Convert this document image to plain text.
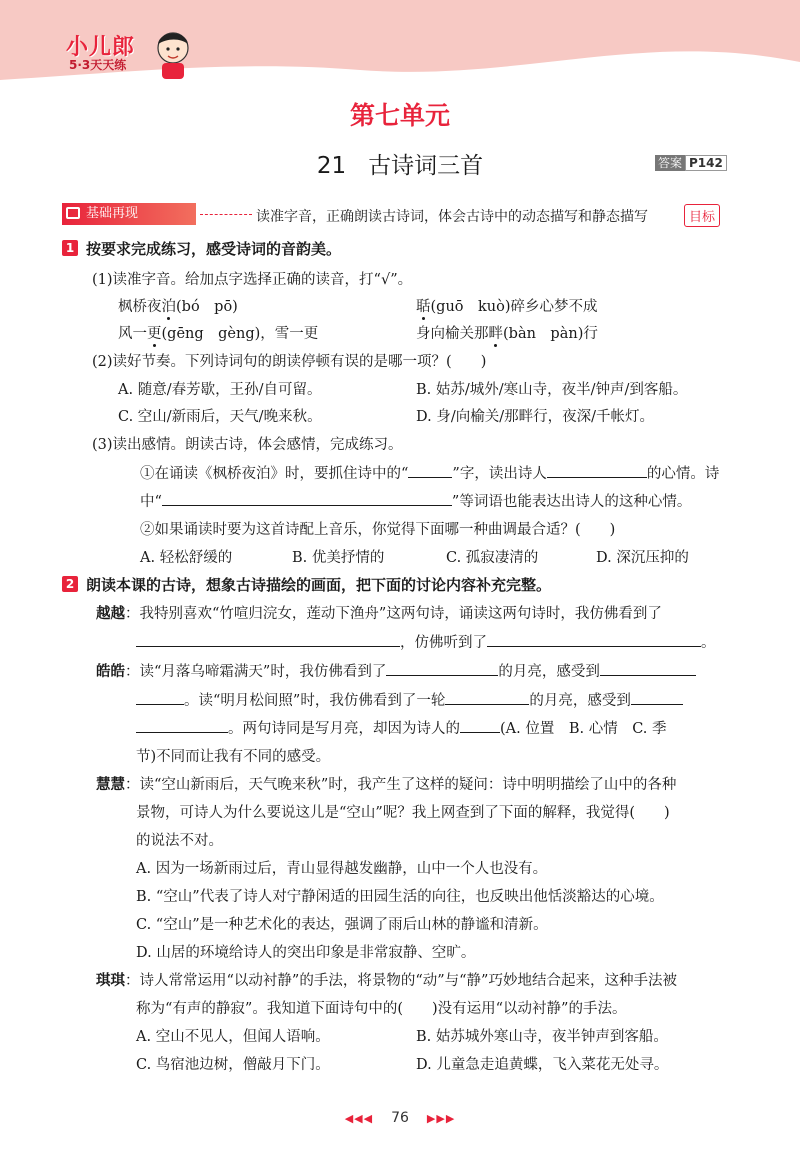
小儿郎
5·3天天练
第七单元
21 古诗词三首	答案 P142
基础再现	读准字音，正确朗读古诗词，体会古诗中的动态描写和静态描写	目标
1 按要求完成练习，感受诗词的音韵美。
(1)读准字音。给加点字选择正确的读音，打“√”。
枫桥夜泊(bó　pō)	聒(guō　kuò)碎乡心梦不成
风一更(gēng　gèng)，雪一更	身向榆关那畔(bàn　pàn)行
(2)读好节奏。下列诗词句的朗读停顿有误的是哪一项？(　　)
A. 随意/春芳歇，王孙/自可留。	B. 姑苏/城外/寒山寺，夜半/钟声/到客船。
C. 空山/新雨后，天气/晚来秋。	D. 身/向榆关/那畔行，夜深/千帐灯。
(3)读出感情。朗读古诗，体会感情，完成练习。
①在诵读《枫桥夜泊》时，要抓住诗中的“	”字，读出诗人	的心情。诗
中“	”等词语也能表达出诗人的这种心情。
②如果诵读时要为这首诗配上音乐，你觉得下面哪一种曲调最合适？(　　)
A. 轻松舒缓的	B. 优美抒情的	C. 孤寂凄清的	D. 深沉压抑的
2 朗读本课的古诗，想象古诗描绘的画面，把下面的讨论内容补充完整。
越越：我特别喜欢“竹喧归浣女，莲动下渔舟”这两句诗，诵读这两句诗时，我仿佛看到了
，仿佛听到了	。
皓皓：读“月落乌啼霜满天”时，我仿佛看到了	的月亮，感受到
。读“明月松间照”时，我仿佛看到了一轮	的月亮，感受到
。两句诗同是写月亮，却因为诗人的	(A. 位置　B. 心情　C. 季
节)不同而让我有不同的感受。
慧慧：读“空山新雨后，天气晚来秋”时，我产生了这样的疑问：诗中明明描绘了山中的各种
景物，可诗人为什么要说这儿是“空山”呢？我上网查到了下面的解释，我觉得(　　)
的说法不对。
A. 因为一场新雨过后，青山显得越发幽静，山中一个人也没有。
B. “空山”代表了诗人对宁静闲适的田园生活的向往，也反映出他恬淡豁达的心境。
C. “空山”是一种艺术化的表达，强调了雨后山林的静谧和清新。
D. 山居的环境给诗人的突出印象是非常寂静、空旷。
琪琪：诗人常常运用“以动衬静”的手法，将景物的“动”与“静”巧妙地结合起来，这种手法被
称为“有声的静寂”。我知道下面诗句中的(　　)没有运用“以动衬静”的手法。
A. 空山不见人，但闻人语响。	B. 姑苏城外寒山寺，夜半钟声到客船。
C. 鸟宿池边树，僧敲月下门。	D. 儿童急走追黄蝶，飞入菜花无处寻。
◀◀◀ 76 ▶▶▶
